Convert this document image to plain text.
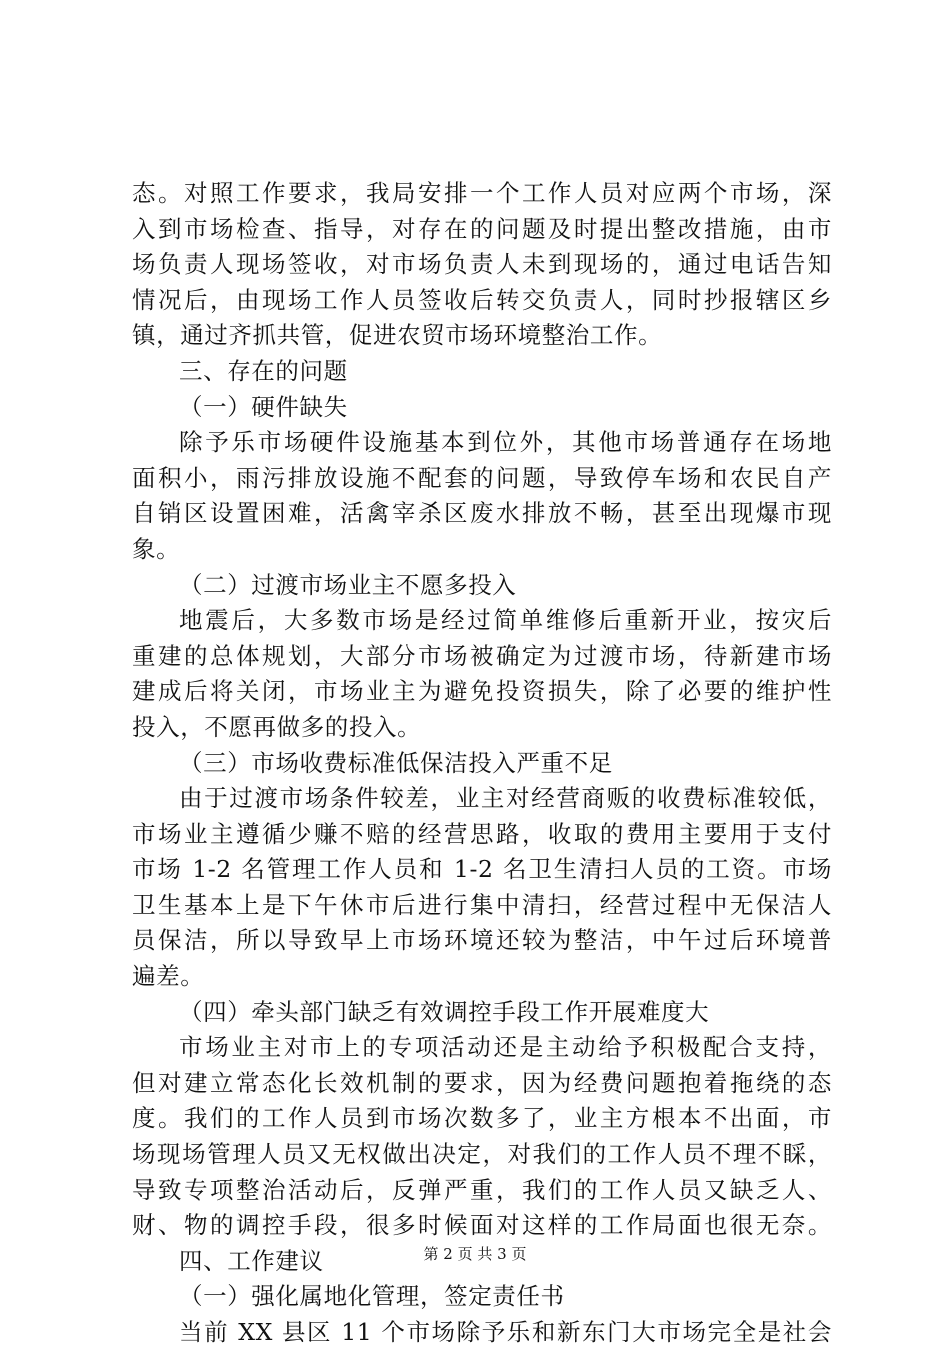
态。对照工作要求，我局安排一个工作人员对应两个市场，深
入到市场检查、指导，对存在的问题及时提出整改措施，由市
场负责人现场签收，对市场负责人未到现场的，通过电话告知
情况后，由现场工作人员签收后转交负责人，同时抄报辖区乡
镇，通过齐抓共管，促进农贸市场环境整治工作。
三、存在的问题
（一）硬件缺失
除予乐市场硬件设施基本到位外，其他市场普通存在场地
面积小，雨污排放设施不配套的问题，导致停车场和农民自产
自销区设置困难，活禽宰杀区废水排放不畅，甚至出现爆市现
象。
（二）过渡市场业主不愿多投入
地震后，大多数市场是经过简单维修后重新开业，按灾后
重建的总体规划，大部分市场被确定为过渡市场，待新建市场
建成后将关闭，市场业主为避免投资损失，除了必要的维护性
投入，不愿再做多的投入。
（三）市场收费标准低保洁投入严重不足
由于过渡市场条件较差，业主对经营商贩的收费标准较低，
市场业主遵循少赚不赔的经营思路，收取的费用主要用于支付
市场 1-2 名管理工作人员和 1-2 名卫生清扫人员的工资。市场
卫生基本上是下午休市后进行集中清扫，经营过程中无保洁人
员保洁，所以导致早上市场环境还较为整洁，中午过后环境普
遍差。
（四）牵头部门缺乏有效调控手段工作开展难度大
市场业主对市上的专项活动还是主动给予积极配合支持，
但对建立常态化长效机制的要求，因为经费问题抱着拖绕的态
度。我们的工作人员到市场次数多了，业主方根本不出面，市
场现场管理人员又无权做出决定，对我们的工作人员不理不睬，
导致专项整治活动后，反弹严重，我们的工作人员又缺乏人、
财、物的调控手段，很多时候面对这样的工作局面也很无奈。
四、工作建议
（一）强化属地化管理，签定责任书
当前 XX 县区 11 个市场除予乐和新东门大市场完全是社会
第 2 页 共 3 页
